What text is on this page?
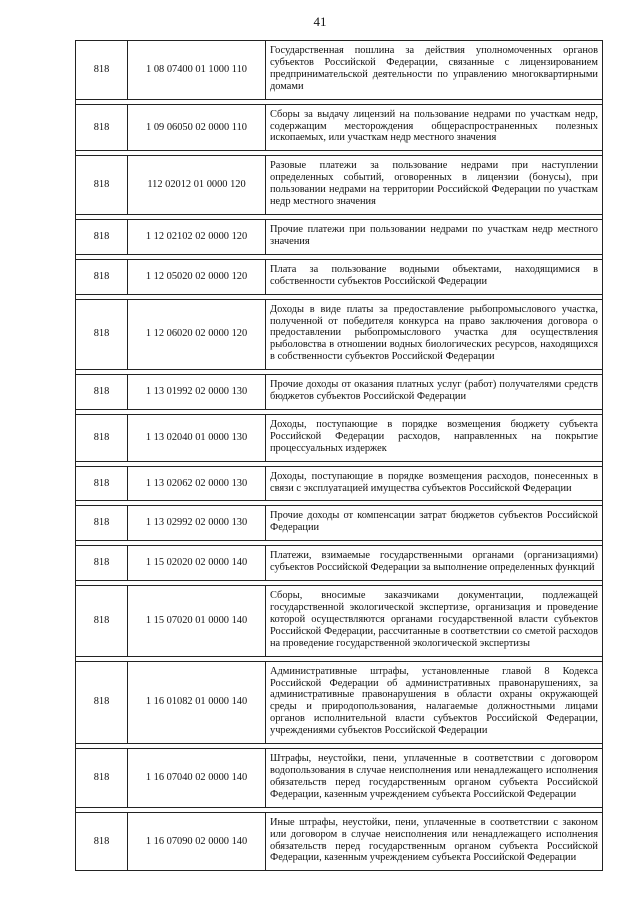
41
818	1 08 07400 01 1000 110	Государственная пошлина за действия уполномоченных органов субъектов Российской Федерации, связанные с лицензированием предпринимательской деятельности по управлению многоквартирными домами

818	1 09 06050 02 0000 110	Сборы за выдачу лицензий на пользование недрами по участкам недр, содержащим месторождения общераспространенных полезных ископаемых, или участкам недр местного значения

818	112 02012 01 0000 120	Разовые платежи за пользование недрами при наступлении определенных событий, оговоренных в лицензии (бонусы), при пользовании недрами на территории Российской Федерации по участкам недр местного значения

818	1 12 02102 02 0000 120	Прочие платежи при пользовании недрами по участкам недр местного значения

818	1 12 05020 02 0000 120	Плата за пользование водными объектами, находящимися в собственности субъектов Российской Федерации

818	1 12 06020 02 0000 120	Доходы в виде платы за предоставление рыбопромыслового участка, полученной от победителя конкурса на право заключения договора о предоставлении рыбопромыслового участка для осуществления рыболовства в отношении водных биологических ресурсов, находящихся в собственности субъектов Российской Федерации

818	1 13 01992 02 0000 130	Прочие доходы от оказания платных услуг (работ) получателями средств бюджетов субъектов Российской Федерации

818	1 13 02040 01 0000 130	Доходы, поступающие в порядке возмещения бюджету субъекта Российской Федерации расходов, направленных на покрытие процессуальных издержек

818	1 13 02062 02 0000 130	Доходы, поступающие в порядке возмещения расходов, понесенных в связи с эксплуатацией имущества субъектов Российской Федерации

818	1 13 02992 02 0000 130	Прочие доходы от компенсации затрат бюджетов субъектов Российской Федерации

818	1 15 02020 02 0000 140	Платежи, взимаемые государственными органами (организациями) субъектов Российской Федерации за выполнение определенных функций

818	1 15 07020 01 0000 140	Сборы, вносимые заказчиками документации, подлежащей государственной экологической экспертизе, организация и проведение которой осуществляются органами государственной власти субъектов Российской Федерации, рассчитанные в соответствии со сметой расходов на проведение государственной экологической экспертизы

818	1 16 01082 01 0000 140	Административные штрафы, установленные главой 8 Кодекса Российской Федерации об административных правонарушениях, за административные правонарушения в области охраны окружающей среды и природопользования, налагаемые должностными лицами органов исполнительной власти субъектов Российской Федерации, учреждениями субъектов Российской Федерации

818	1 16 07040 02 0000 140	Штрафы, неустойки, пени, уплаченные в соответствии с договором водопользования в случае неисполнения или ненадлежащего исполнения обязательств перед государственным органом субъекта Российской Федерации, казенным учреждением субъекта Российской Федерации

818	1 16 07090 02 0000 140	Иные штрафы, неустойки, пени, уплаченные в соответствии с законом или договором в случае неисполнения или ненадлежащего исполнения обязательств перед государственным органом субъекта Российской Федерации, казенным учреждением субъекта Российской Федерации
